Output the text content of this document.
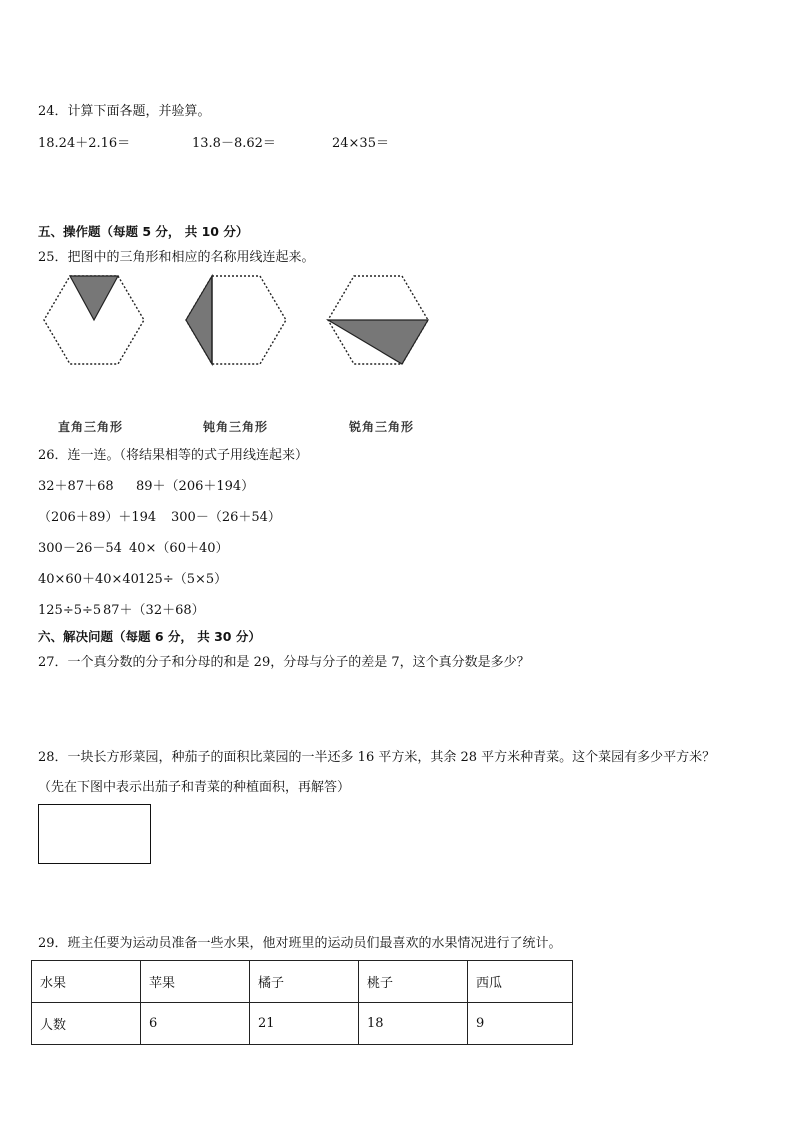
24．计算下面各题，并验算。
18.24＋2.16＝	13.8－8.62＝	24×35＝
五、操作题（每题 5 分， 共 10 分）
25．把图中的三角形和相应的名称用线连起来。
直角三角形	钝角三角形	锐角三角形
26．连一连。（将结果相等的式子用线连起来）
32＋87＋68 89＋（206＋194）
（206＋89）＋194 300－（26＋54）
300－26－54 40×（60＋40）
40×60＋40×40 125÷（5×5）
125÷5÷5 87＋（32＋68）
六、解决问题（每题 6 分， 共 30 分）
27．一个真分数的分子和分母的和是 29，分母与分子的差是 7，这个真分数是多少？
28．一块长方形菜园，种茄子的面积比菜园的一半还多 16 平方米，其余 28 平方米种青菜。这个菜园有多少平方米？
（先在下图中表示出茄子和青菜的种植面积，再解答）
29．班主任要为运动员准备一些水果，他对班里的运动员们最喜欢的水果情况进行了统计。
水果	苹果	橘子	桃子	西瓜
人数	6	21	18	9
